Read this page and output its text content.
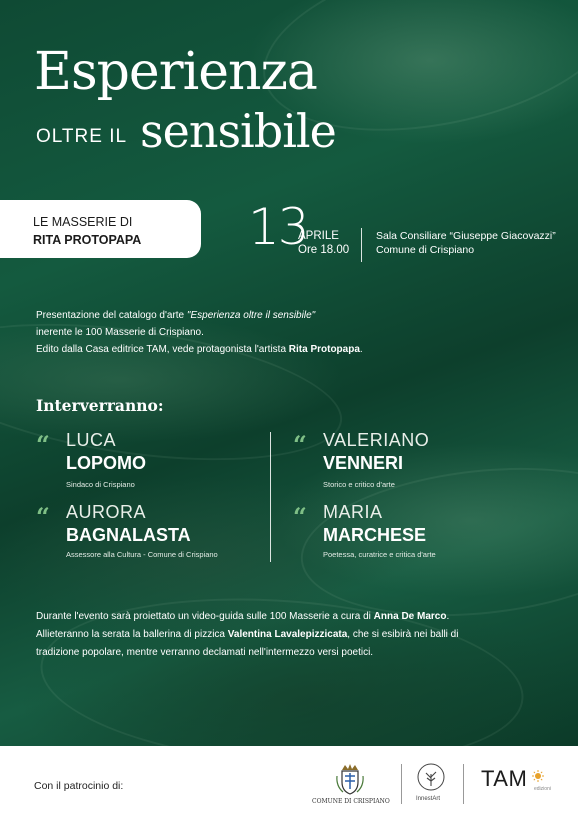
Esperienza
OLTRE IL sensibile
LE MASSERIE DI
RITA PROTOPAPA 13
APRILE
Ore 18.00
Sala Consiliare “Giuseppe Giacovazzi”
Comune di Crispiano
Presentazione del catalogo d'arte "Esperienza oltre il sensibile"
inerente le 100 Masserie di Crispiano.
Edito dalla Casa editrice TAM, vede protagonista l'artista Rita Protopapa.
Interverranno:
“ LUCA
LOPOMO
Sindaco di Crispiano
“ AURORA
BAGNALASTA
Assessore alla Cultura - Comune di Crispiano
“ VALERIANO
VENNERI
Storico e critico d'arte
“ MARIA
MARCHESE
Poetessa, curatrice e critica d'arte
Durante l'evento sarà proiettato un video-guida sulle 100 Masserie a cura di Anna De Marco.
Allieteranno la serata la ballerina di pizzica Valentina Lavalepizzicata, che si esibirà nei balli di
tradizione popolare, mentre verranno declamati nell'intermezzo versi poetici.
Con il patrocinio di:
COMUNE DI CRISPIANO	InnestArt
TAM edizioni
